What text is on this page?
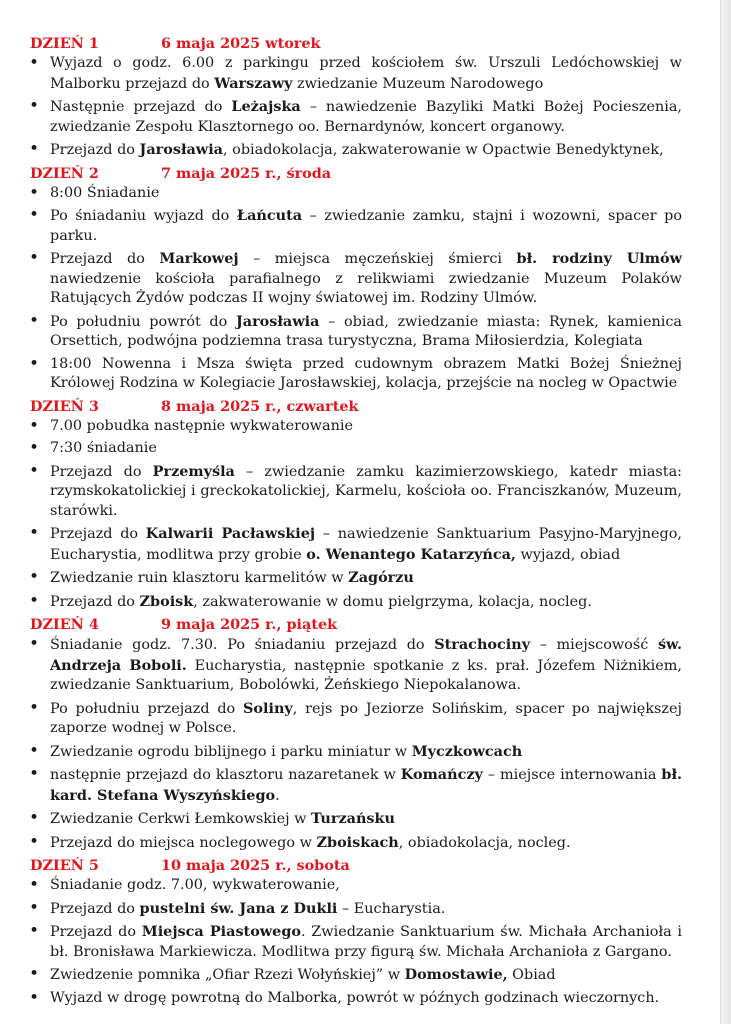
DZIEŃ 1	6 maja 2025 wtorek
• Wyjazd o godz. 6.00 z parkingu przed kościołem św. Urszuli Ledóchowskiej w Malborku przejazd do Warszawy zwiedzanie Muzeum Narodowego
• Następnie przejazd do Leżajska – nawiedzenie Bazyliki Matki Bożej Pocieszenia, zwiedzanie Zespołu Klasztornego oo. Bernardynów, koncert organowy.
• Przejazd do Jarosławia, obiadokolacja, zakwaterowanie w Opactwie Benedyktynek,
DZIEŃ 2	7 maja 2025 r., środa
• 8:00 Śniadanie
• Po śniadaniu wyjazd do Łańcuta – zwiedzanie zamku, stajni i wozowni, spacer po parku.
• Przejazd do Markowej – miejsca męczeńskiej śmierci bł. rodziny Ulmów nawiedzenie kościoła parafialnego z relikwiami zwiedzanie Muzeum Polaków Ratujących Żydów podczas II wojny światowej im. Rodziny Ulmów.
• Po południu powrót do Jarosławia – obiad, zwiedzanie miasta: Rynek, kamienica Orsettich, podwójna podziemna trasa turystyczna, Brama Miłosierdzia, Kolegiata
• 18:00 Nowenna i Msza święta przed cudownym obrazem Matki Bożej Śnieżnej Królowej Rodzina w Kolegiacie Jarosławskiej, kolacja, przejście na nocleg w Opactwie
DZIEŃ 3	8 maja 2025 r., czwartek
• 7.00 pobudka następnie wykwaterowanie
• 7:30 śniadanie
• Przejazd do Przemyśla – zwiedzanie zamku kazimierzowskiego, katedr miasta: rzymskokatolickiej i greckokatolickiej, Karmelu, kościoła oo. Franciszkanów, Muzeum, starówki.
• Przejazd do Kalwarii Pacławskiej – nawiedzenie Sanktuarium Pasyjno-Maryjnego, Eucharystia, modlitwa przy grobie o. Wenantego Katarzyńca, wyjazd, obiad
• Zwiedzanie ruin klasztoru karmelitów w Zagórzu
• Przejazd do Zboisk, zakwaterowanie w domu pielgrzyma, kolacja, nocleg.
DZIEŃ 4	9 maja 2025 r., piątek
• Śniadanie godz. 7.30. Po śniadaniu przejazd do Strachociny – miejscowość św. Andrzeja Boboli. Eucharystia, następnie spotkanie z ks. prał. Józefem Niżnikiem, zwiedzanie Sanktuarium, Bobolówki, Żeńskiego Niepokalanowa.
• Po południu przejazd do Soliny, rejs po Jeziorze Solińskim, spacer po największej zaporze wodnej w Polsce.
• Zwiedzanie ogrodu biblijnego i parku miniatur w Myczkowcach
• następnie przejazd do klasztoru nazaretanek w Komańczy – miejsce internowania bł. kard. Stefana Wyszyńskiego.
• Zwiedzanie Cerkwi Łemkowskiej w Turzańsku
• Przejazd do miejsca noclegowego w Zboiskach, obiadokolacja, nocleg.
DZIEŃ 5	10 maja 2025 r., sobota
• Śniadanie godz. 7.00, wykwaterowanie,
• Przejazd do pustelni św. Jana z Dukli – Eucharystia.
• Przejazd do Miejsca Piastowego. Zwiedzanie Sanktuarium św. Michała Archanioła i bł. Bronisława Markiewicza. Modlitwa przy figurą św. Michała Archanioła z Gargano.
• Zwiedzenie pomnika „Ofiar Rzezi Wołyńskiej” w Domostawie, Obiad
• Wyjazd w drogę powrotną do Malborka, powrót w późnych godzinach wieczornych.
